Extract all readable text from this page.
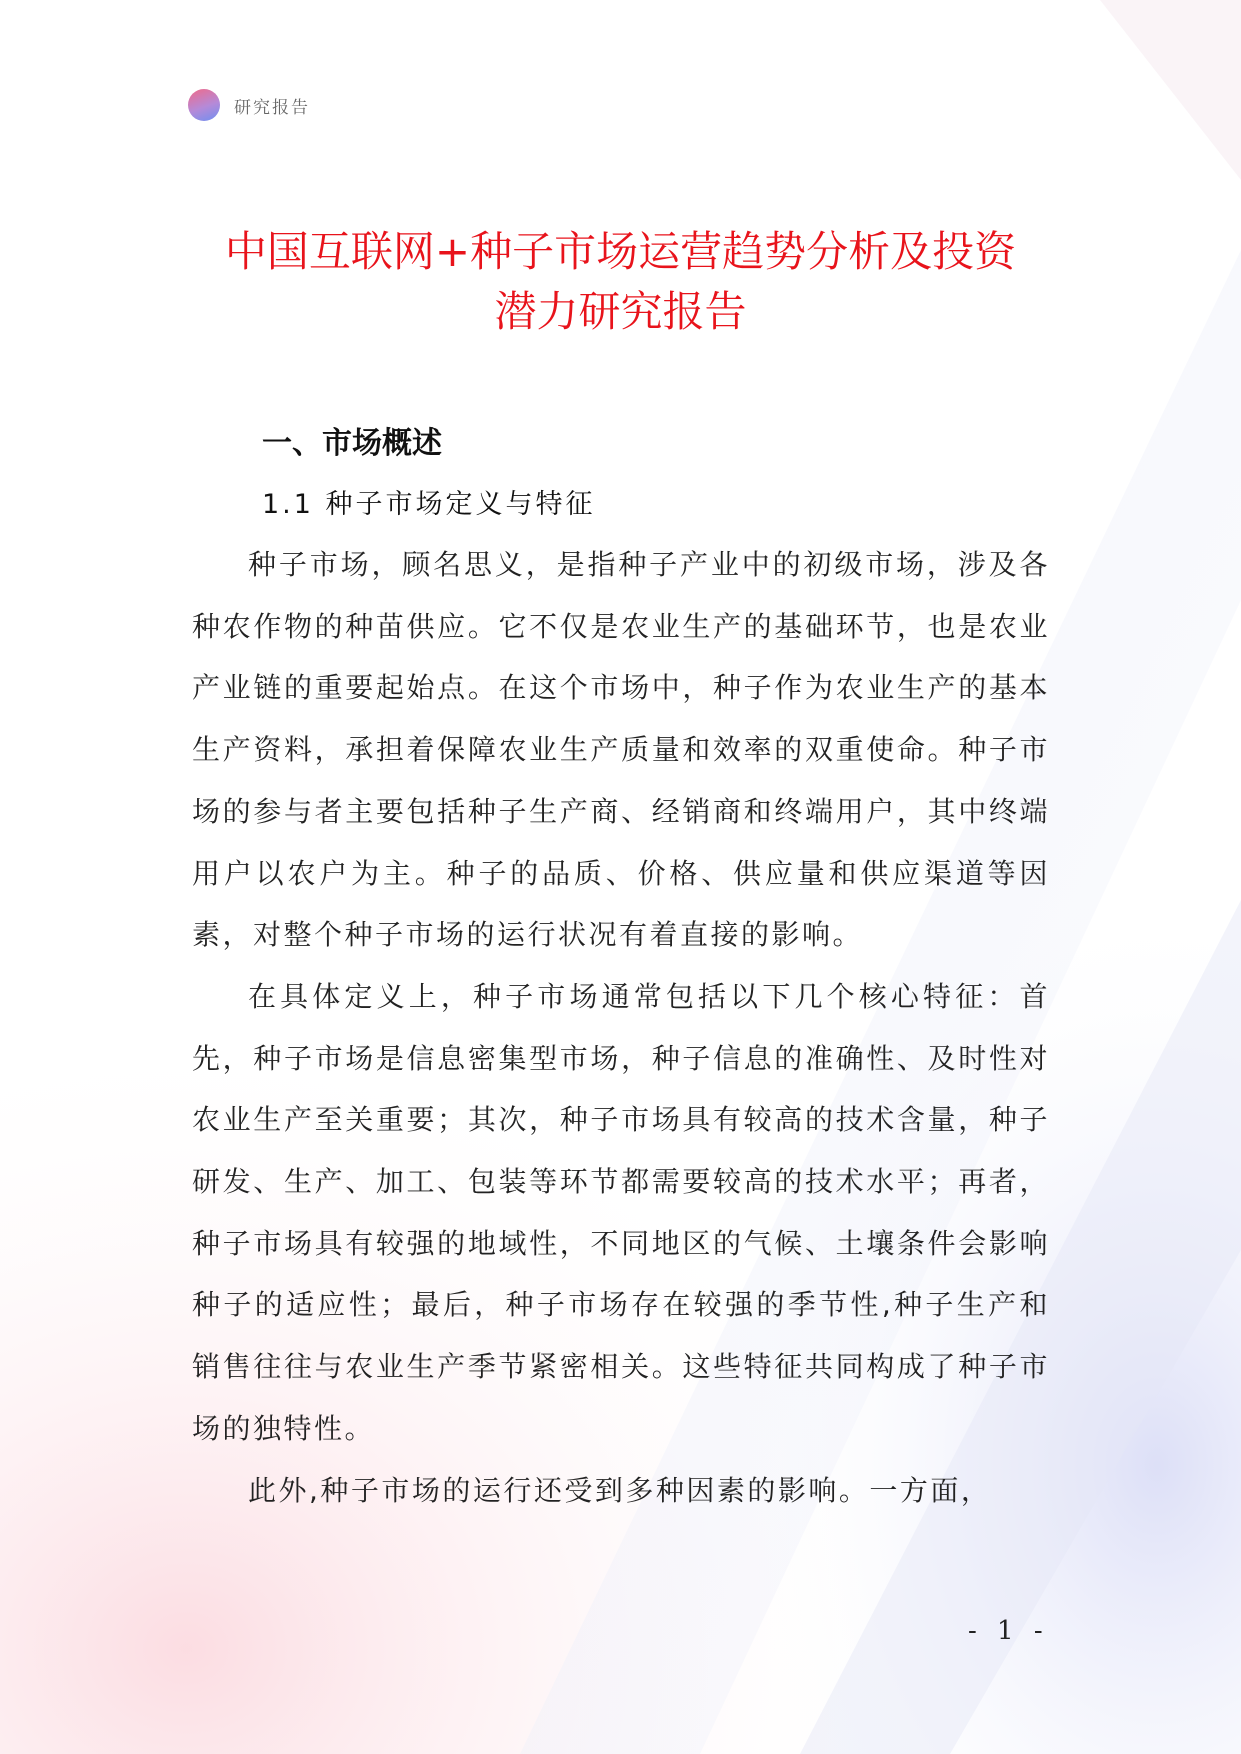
研究报告
中国互联网+种子市场运营趋势分析及投资
潜力研究报告
一、市场概述
1.1 种子市场定义与特征

种子市场，顾名思义，是指种子产业中的初级市场，涉及各种农作物的种苗供应。它不仅是农业生产的基础环节，也是农业产业链的重要起始点。在这个市场中，种子作为农业生产的基本生产资料，承担着保障农业生产质量和效率的双重使命。种子市场的参与者主要包括种子生产商、经销商和终端用户，其中终端用户以农户为主。种子的品质、价格、供应量和供应渠道等因素，对整个种子市场的运行状况有着直接的影响。

在具体定义上，种子市场通常包括以下几个核心特征：首先，种子市场是信息密集型市场，种子信息的准确性、及时性对农业生产至关重要；其次，种子市场具有较高的技术含量，种子研发、生产、加工、包装等环节都需要较高的技术水平；再者，种子市场具有较强的地域性，不同地区的气候、土壤条件会影响种子的适应性；最后，种子市场存在较强的季节性,种子生产和销售往往与农业生产季节紧密相关。这些特征共同构成了种子市场的独特性。

此外,种子市场的运行还受到多种因素的影响。一方面，

- 1 -
